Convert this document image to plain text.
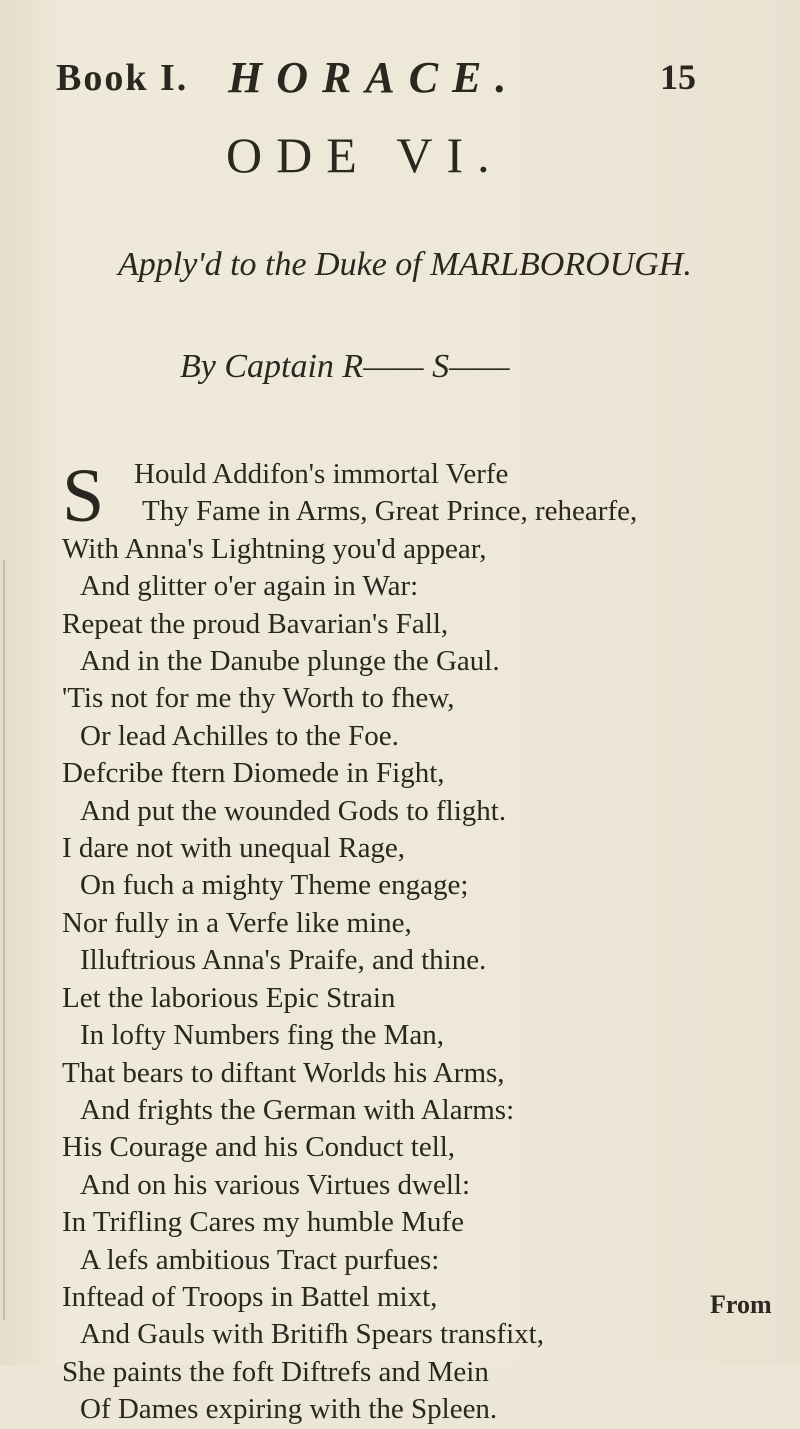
Book I. HORACE.	15
ODE VI.
Apply'd to the Duke of MARLBOROUGH.
By Captain R—— S——
S	Hould Addifon's immortal Verfe
Thy Fame in Arms, Great Prince, rehearfe,
With Anna's Lightning you'd appear,
And glitter o'er again in War:
Repeat the proud Bavarian's Fall,
And in the Danube plunge the Gaul.
'Tis not for me thy Worth to fhew,
Or lead Achilles to the Foe.
Defcribe ftern Diomede in Fight,
And put the wounded Gods to flight.
I dare not with unequal Rage,
On fuch a mighty Theme engage;
Nor fully in a Verfe like mine,
Illuftrious Anna's Praife, and thine.
Let the laborious Epic Strain
In lofty Numbers fing the Man,
That bears to diftant Worlds his Arms,
And frights the German with Alarms:
His Courage and his Conduct tell,
And on his various Virtues dwell:
In Trifling Cares my humble Mufe
A lefs ambitious Tract purfues:
Inftead of Troops in Battel mixt,
And Gauls with Britifh Spears transfixt,
She paints the foft Diftrefs and Mein
Of Dames expiring with the Spleen.
From
